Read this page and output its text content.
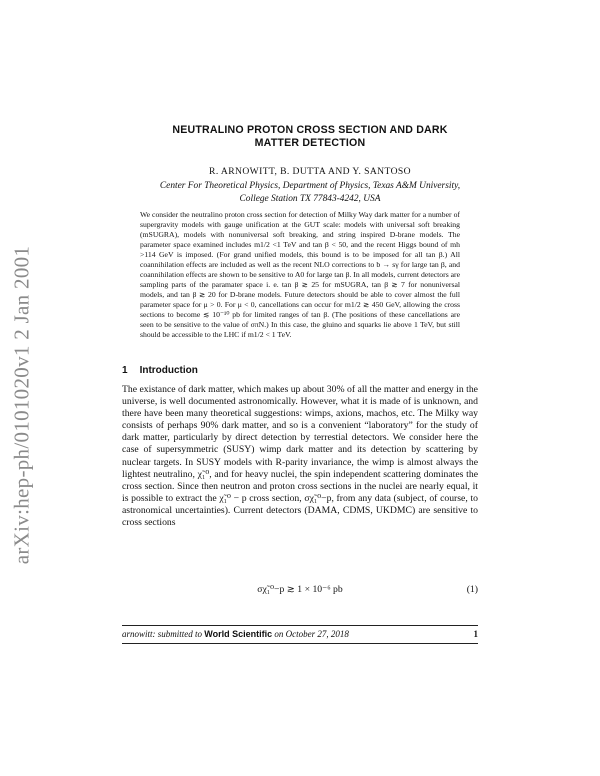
arXiv:hep-ph/0101020v1 2 Jan 2001
NEUTRALINO PROTON CROSS SECTION AND DARK
MATTER DETECTION
R. ARNOWITT, B. DUTTA AND Y. SANTOSO
Center For Theoretical Physics, Department of Physics, Texas A&M University,
College Station TX 77843-4242, USA

We consider the neutralino proton cross section for detection of Milky Way dark matter for a number of supergravity models with gauge unification at the GUT scale: models with universal soft breaking (mSUGRA), models with nonuniversal soft breaking, and string inspired D-brane models. The parameter space examined includes m1/2 <1 TeV and tan β < 50, and the recent Higgs bound of mh >114 GeV is imposed. (For grand unified models, this bound is to be imposed for all tan β.) All coannihilation effects are included as well as the recent NLO corrections to b → sγ for large tan β, and coannihilation effects are shown to be sensitive to A0 for large tan β. In all models, current detectors are sampling parts of the paramater space i. e. tan β ≳ 25 for mSUGRA, tan β ≳ 7 for nonuniversal models, and tan β ≳ 20 for D-brane models. Future detectors should be able to cover almost the full parameter space for μ > 0. For μ < 0, cancellations can occur for m1/2 ≳ 450 GeV, allowing the cross sections to become ≲ 10⁻¹⁰ pb for limited ranges of tan β. (The positions of these cancellations are seen to be sensitive to the value of σπN.) In this case, the gluino and squarks lie above 1 TeV, but still should be accessible to the LHC if m1/2 < 1 TeV.

1 Introduction

The existance of dark matter, which makes up about 30% of all the matter and energy in the universe, is well documented astronomically. However, what it is made of is unknown, and there have been many theoretical suggestions: wimps, axions, machos, etc. The Milky way consists of perhaps 90% dark matter, and so is a convenient “laboratory” for the study of dark matter, particularly by direct detection by terrestial detectors. We consider here the case of supersymmetric (SUSY) wimp dark matter and its detection by scattering by nuclear targets. In SUSY models with R-parity invariance, the wimp is almost always the lightest neutralino, χ̃₁⁰, and for heavy nuclei, the spin independent scattering dominates the cross section. Since then neutron and proton cross sections in the nuclei are nearly equal, it is possible to extract the χ̃₁⁰ − p cross section, σχ̃₁⁰−p, from any data (subject, of course, to astronomical uncertainties). Current detectors (DAMA, CDMS, UKDMC) are sensitive to cross sections

σχ̃₁⁰−p ≳ 1 × 10⁻⁶ pb	(1)
arnowitt: submitted to World Scientific on October 27, 2018	1
